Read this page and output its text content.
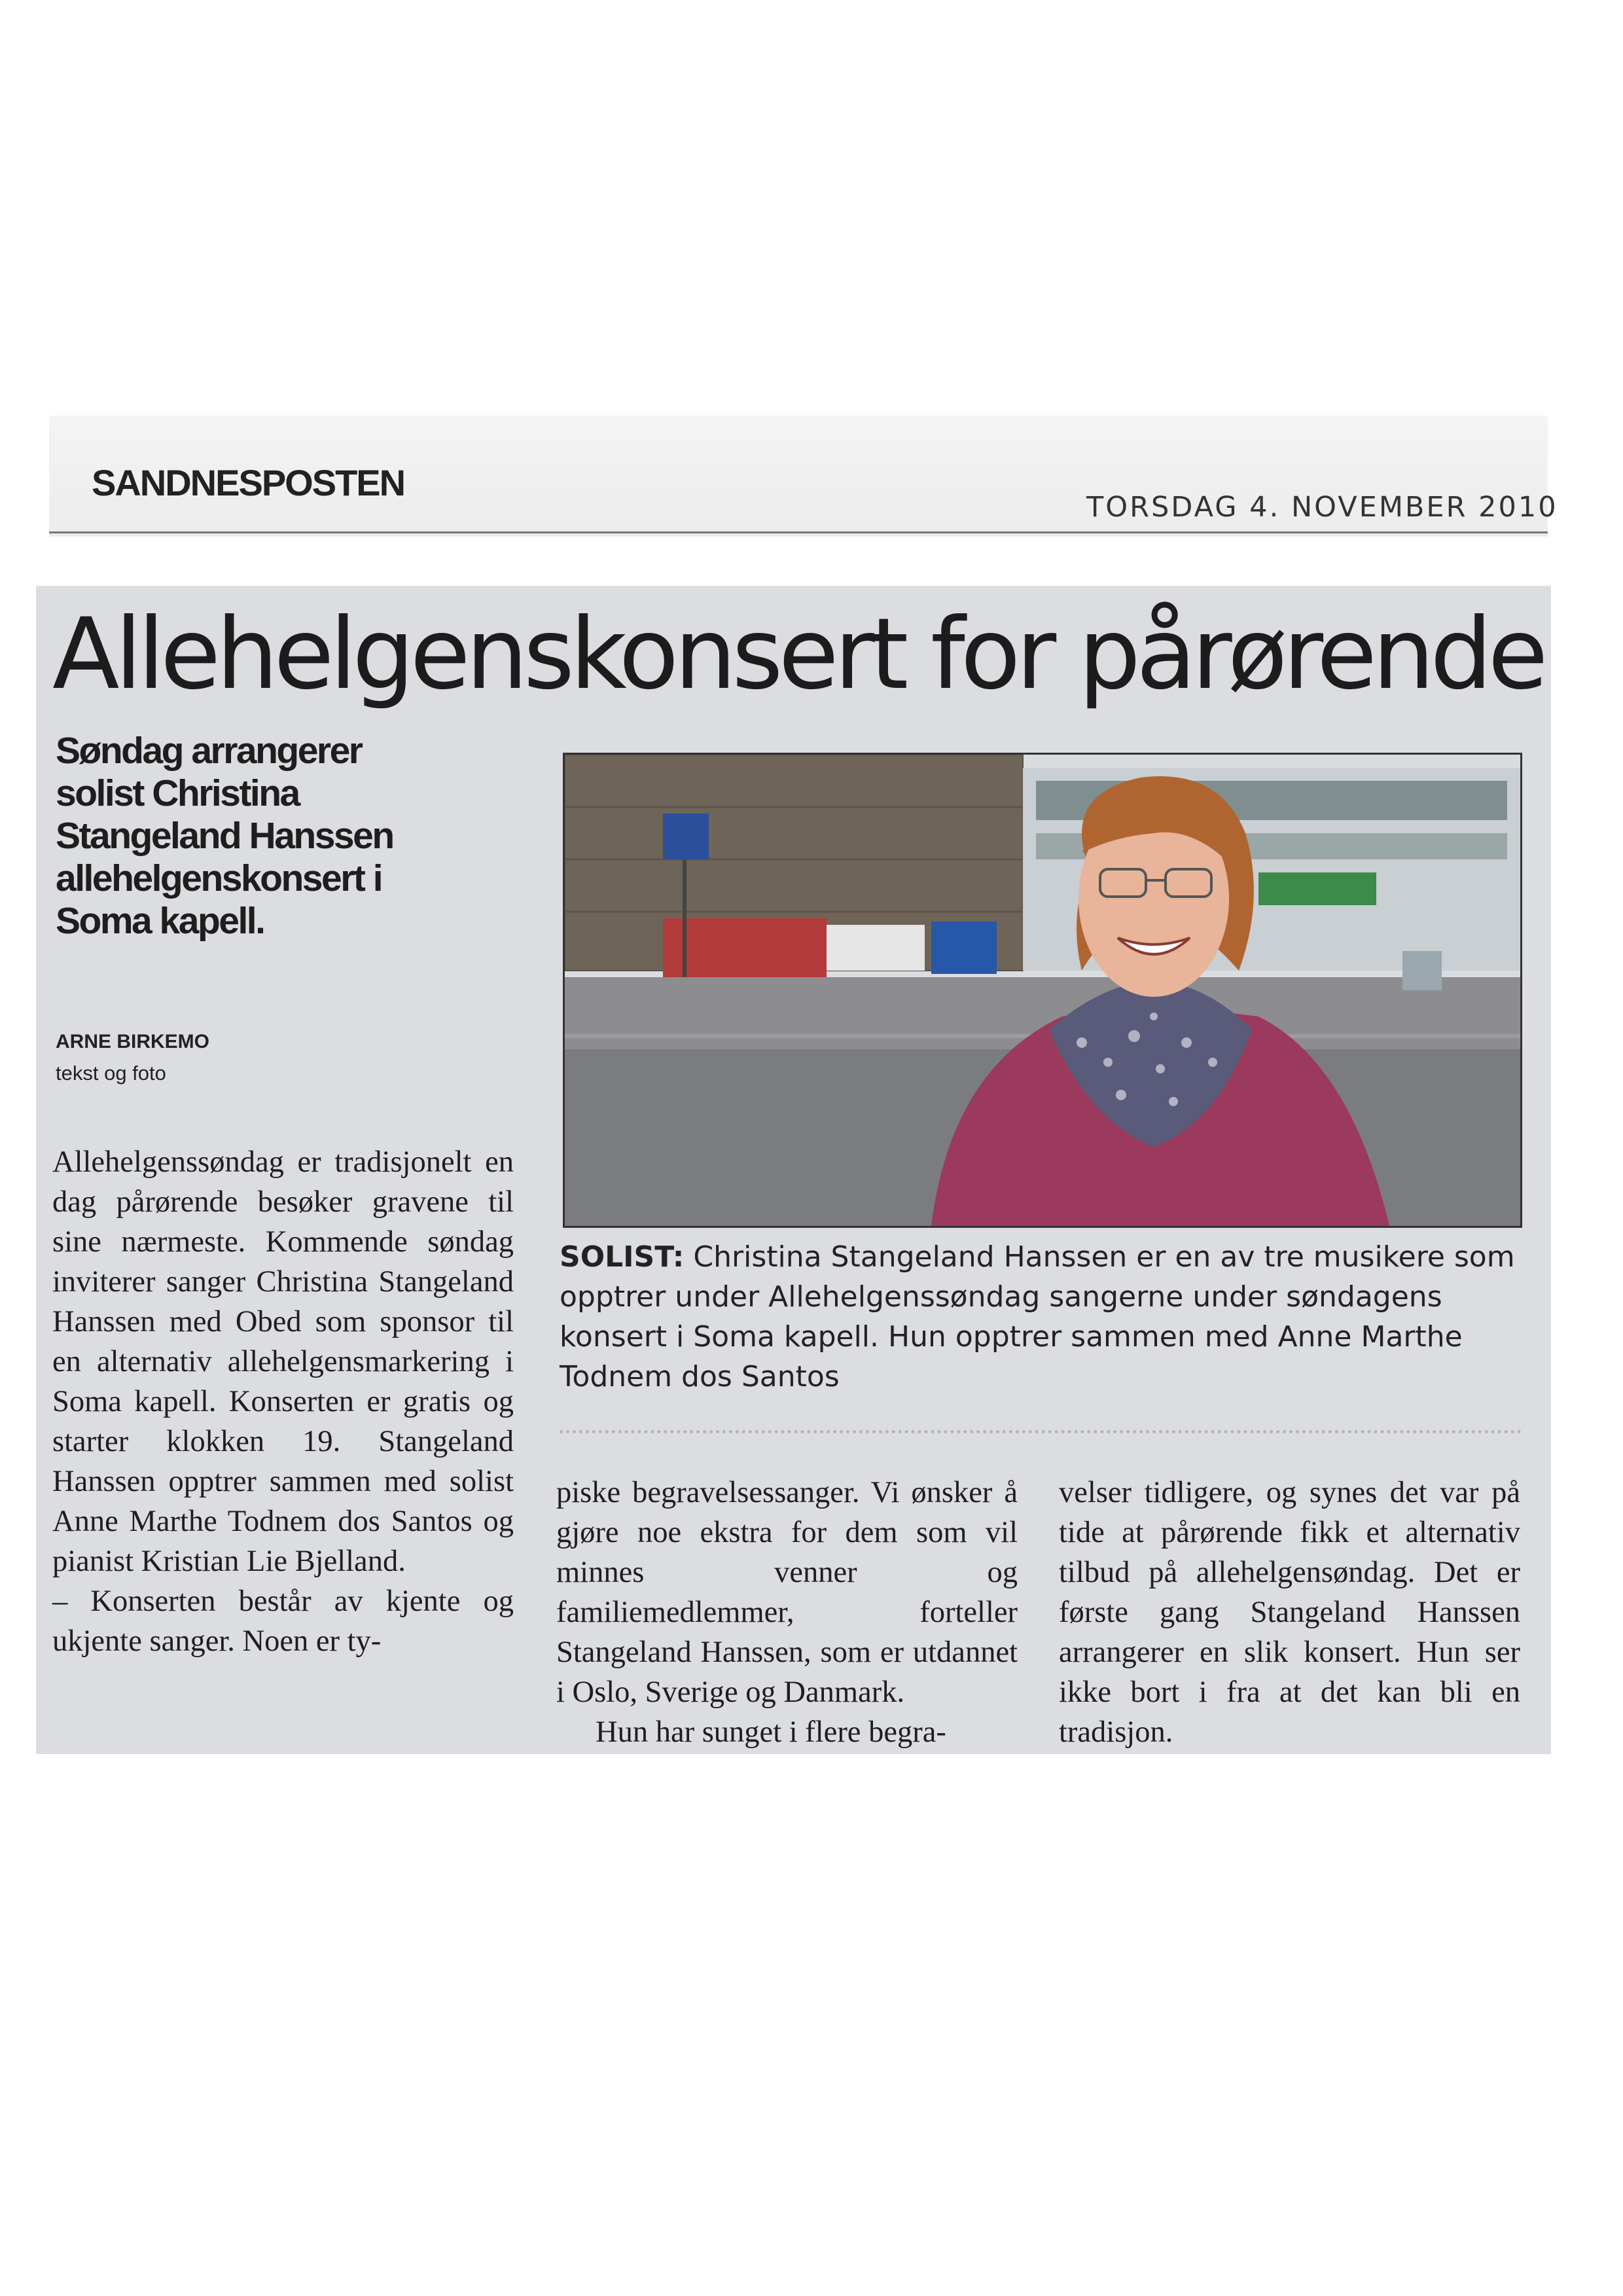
SANDNESPOSTEN
TORSDAG 4. NOVEMBER 2010
Allehelgenskonsert for pårørende
Søndag arrangerer solist Christina Stangeland Hanssen allehelgenskonsert i Soma kapell.
ARNE BIRKEMO
tekst og foto
SOLIST: Christina Stangeland Hanssen er en av tre musikere som opptrer under Allehelgenssøndag sangerne under søndagens konsert i Soma kapell. Hun opptrer sammen med Anne Marthe Todnem dos Santos

Allehelgenssøndag er tradisjonelt en dag pårørende besøker gravene til sine nærmeste. Kommende søndag inviterer sanger Christina Stangeland Hanssen med Obed som sponsor til en alternativ allehelgensmarkering i Soma kapell. Konserten er gratis og starter klokken 19. Stangeland Hanssen opptrer sammen med solist Anne Marthe Todnem dos Santos og pianist Kristian Lie Bjelland.

– Konserten består av kjente og ukjente sanger. Noen er ty-

piske begravelsessanger. Vi ønsker å gjøre noe ekstra for dem som vil minnes venner og familiemedlemmer, forteller Stangeland Hanssen, som er utdannet i Oslo, Sverige og Danmark.

Hun har sunget i flere begra-

velser tidligere, og synes det var på tide at pårørende fikk et alternativ tilbud på allehelgensøndag. Det er første gang Stangeland Hanssen arrangerer en slik konsert. Hun ser ikke bort i fra at det kan bli en tradisjon.
